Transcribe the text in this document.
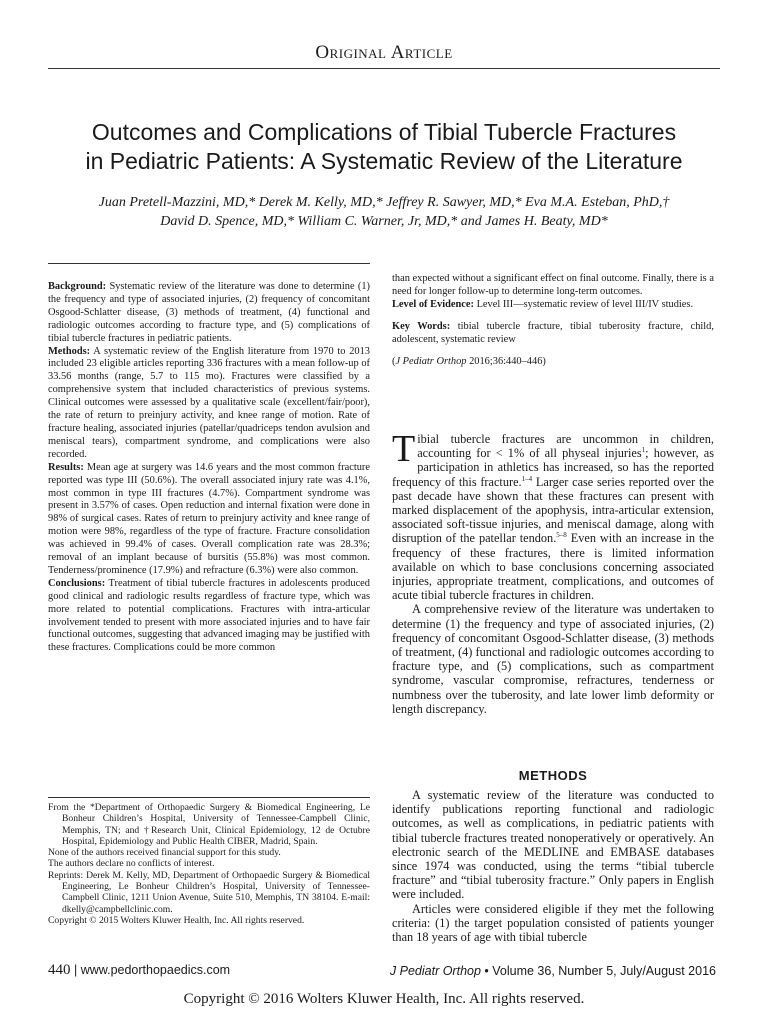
Original Article
Outcomes and Complications of Tibial Tubercle Fractures
in Pediatric Patients: A Systematic Review of the Literature
Juan Pretell-Mazzini, MD,* Derek M. Kelly, MD,* Jeffrey R. Sawyer, MD,* Eva M.A. Esteban, PhD,†
David D. Spence, MD,* William C. Warner, Jr, MD,* and James H. Beaty, MD*

Background: Systematic review of the literature was done to determine (1) the frequency and type of associated injuries, (2) frequency of concomitant Osgood-Schlatter disease, (3) methods of treatment, (4) functional and radiologic outcomes according to fracture type, and (5) complications of tibial tubercle fractures in pediatric patients.

Methods: A systematic review of the English literature from 1970 to 2013 included 23 eligible articles reporting 336 fractures with a mean follow-up of 33.56 months (range, 5.7 to 115 mo). Fractures were classified by a comprehensive system that included characteristics of previous systems. Clinical outcomes were assessed by a qualitative scale (excellent/fair/poor), the rate of return to preinjury activity, and knee range of motion. Rate of fracture healing, associated injuries (patellar/quadriceps tendon avulsion and meniscal tears), compartment syndrome, and complications were also recorded.

Results: Mean age at surgery was 14.6 years and the most common fracture reported was type III (50.6%). The overall associated injury rate was 4.1%, most common in type III fractures (4.7%). Compartment syndrome was present in 3.57% of cases. Open reduction and internal fixation were done in 98% of surgical cases. Rates of return to preinjury activity and knee range of motion were 98%, regardless of the type of fracture. Fracture consolidation was achieved in 99.4% of cases. Overall complication rate was 28.3%; removal of an implant because of bursitis (55.8%) was most common. Tenderness/prominence (17.9%) and refracture (6.3%) were also common.

Conclusions: Treatment of tibial tubercle fractures in adolescents produced good clinical and radiologic results regardless of fracture type, which was more related to potential complications. Fractures with intra-articular involvement tended to present with more associated injuries and to have fair functional outcomes, suggesting that advanced imaging may be justified with these fractures. Complications could be more common

than expected without a significant effect on final outcome. Finally, there is a need for longer follow-up to determine long-term outcomes.

Level of Evidence: Level III—systematic review of level III/IV studies.

Key Words: tibial tubercle fracture, tibial tuberosity fracture, child, adolescent, systematic review

(J Pediatr Orthop 2016;36:440–446)

Tibial tubercle fractures are uncommon in children, accounting for < 1% of all physeal injuries$^1$; however, as participation in athletics has increased, so has the reported frequency of this fracture.$^{1-4}$ Larger case series reported over the past decade have shown that these fractures can present with marked displacement of the apophysis, intra-articular extension, associated soft-tissue injuries, and meniscal damage, along with disruption of the patellar tendon.$^{5-8}$ Even with an increase in the frequency of these fractures, there is limited information available on which to base conclusions concerning associated injuries, appropriate treatment, complications, and outcomes of acute tibial tubercle fractures in children.

A comprehensive review of the literature was undertaken to determine (1) the frequency and type of associated injuries, (2) frequency of concomitant Osgood-Schlatter disease, (3) methods of treatment, (4) functional and radiologic outcomes according to fracture type, and (5) complications, such as compartment syndrome, vascular compromise, refractures, tenderness or numbness over the tuberosity, and late lower limb deformity or length discrepancy.

METHODS

A systematic review of the literature was conducted to identify publications reporting functional and radiologic outcomes, as well as complications, in pediatric patients with tibial tubercle fractures treated nonoperatively or operatively. An electronic search of the MEDLINE and EMBASE databases since 1974 was conducted, using the terms “tibial tubercle fracture” and “tibial tuberosity fracture.” Only papers in English were included.

Articles were considered eligible if they met the following criteria: (1) the target population consisted of patients younger than 18 years of age with tibial tubercle

From the *Department of Orthopaedic Surgery & Biomedical Engineering, Le Bonheur Children’s Hospital, University of Tennessee-Campbell Clinic, Memphis, TN; and †Research Unit, Clinical Epidemiology, 12 de Octubre Hospital, Epidemiology and Public Health CIBER, Madrid, Spain.

None of the authors received financial support for this study.

The authors declare no conflicts of interest.

Reprints: Derek M. Kelly, MD, Department of Orthopaedic Surgery & Biomedical Engineering, Le Bonheur Children’s Hospital, University of Tennessee-Campbell Clinic, 1211 Union Avenue, Suite 510, Memphis, TN 38104. E-mail: dkelly@campbellclinic.com.

Copyright © 2015 Wolters Kluwer Health, Inc. All rights reserved.

440 | www.pedorthopaedics.com	J Pediatr Orthop • Volume 36, Number 5, July/August 2016
Copyright © 2016 Wolters Kluwer Health, Inc. All rights reserved.
